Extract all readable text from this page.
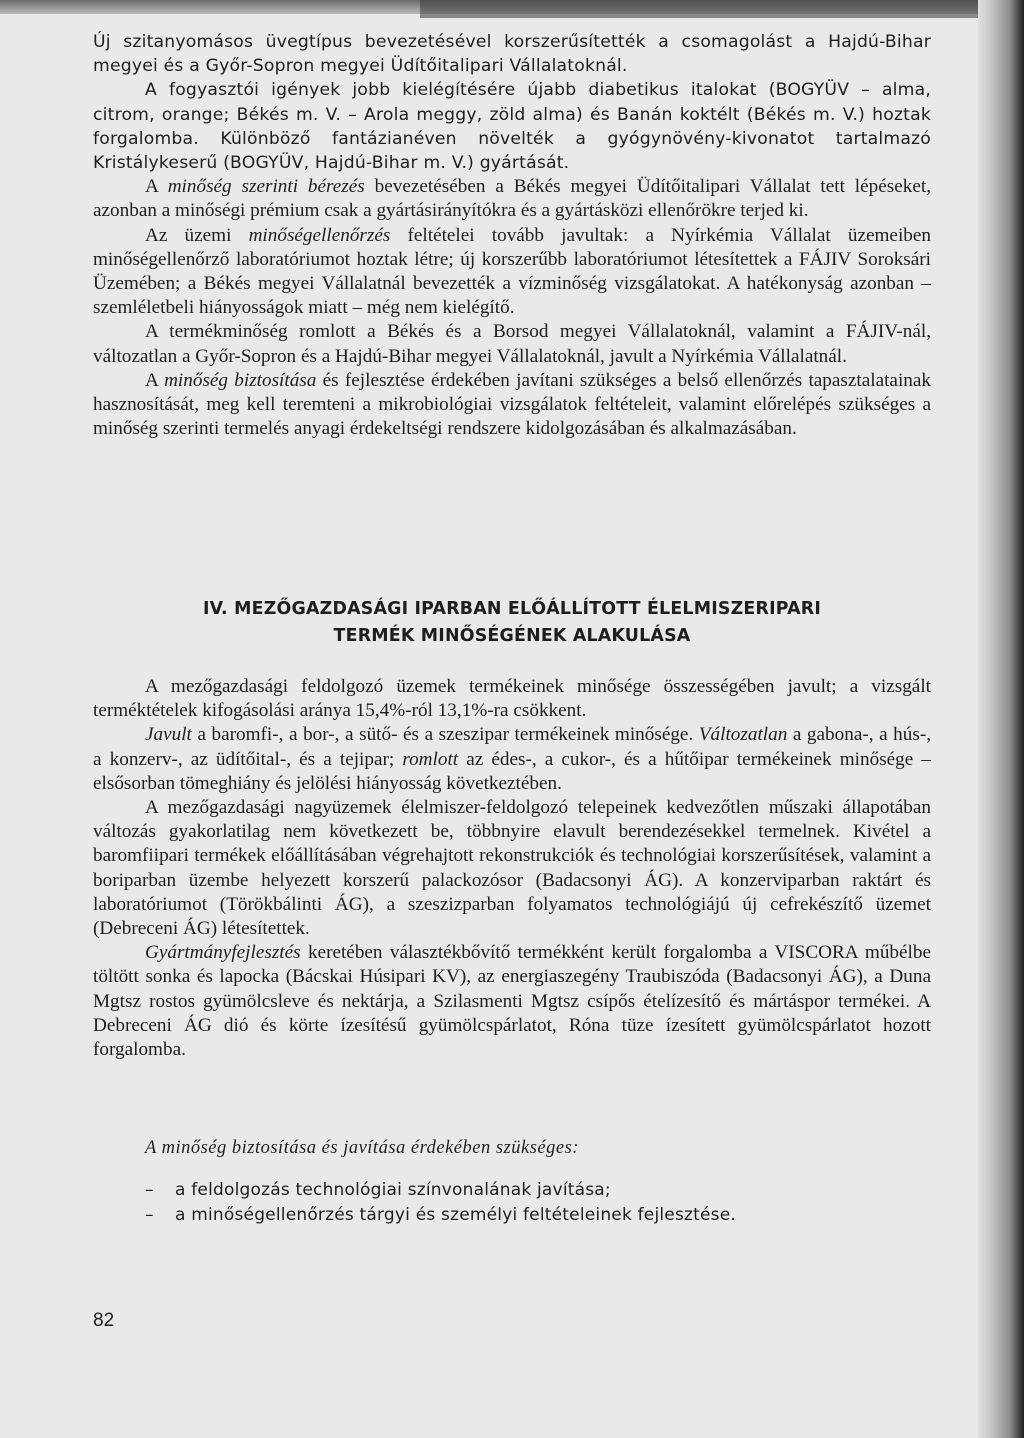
Új szitanyomásos üvegtípus bevezetésével korszerűsítették a csomagolást a Hajdú-Bihar megyei és a Győr-Sopron megyei Üdítőitalipari Vállalatoknál.

A fogyasztói igények jobb kielégítésére újabb diabetikus italokat (BOGYÜV – alma, citrom, orange; Békés m. V. – Arola meggy, zöld alma) és Banán koktélt (Békés m. V.) hoztak forgalomba. Különböző fantázianéven növelték a gyógynövény-kivonatot tartalmazó Kristálykeserű (BOGYÜV, Hajdú-Bihar m. V.) gyártását.

A minőség szerinti bérezés bevezetésében a Békés megyei Üdítőitalipari Vállalat tett lépéseket, azonban a minőségi prémium csak a gyártásirányítókra és a gyártásközi ellenőrökre terjed ki.

Az üzemi minőségellenőrzés feltételei tovább javultak: a Nyírkémia Vállalat üzemeiben minőségellenőrző laboratóriumot hoztak létre; új korszerűbb laboratóriumot létesítettek a FÁJIV Soroksári Üzemében; a Békés megyei Vállalatnál bevezették a vízminőség vizsgálatokat. A hatékonyság azonban – szemléletbeli hiányosságok miatt – még nem kielégítő.

A termékminőség romlott a Békés és a Borsod megyei Vállalatoknál, valamint a FÁJIV-nál, változatlan a Győr-Sopron és a Hajdú-Bihar megyei Vállalatoknál, javult a Nyírkémia Vállalatnál.

A minőség biztosítása és fejlesztése érdekében javítani szükséges a belső ellenőrzés tapasztalatainak hasznosítását, meg kell teremteni a mikrobiológiai vizsgálatok feltételeit, valamint előrelépés szükséges a minőség szerinti termelés anyagi érdekeltségi rendszere kidolgozásában és alkalmazásában.

IV. MEZŐGAZDASÁGI IPARBAN ELŐÁLLÍTOTT ÉLELMISZERIPARI
TERMÉK MINŐSÉGÉNEK ALAKULÁSA

A mezőgazdasági feldolgozó üzemek termékeinek minősége összességében javult; a vizsgált terméktételek kifogásolási aránya 15,4%-ról 13,1%-ra csökkent.

Javult a baromfi-, a bor-, a sütő- és a szeszipar termékeinek minősége. Változatlan a gabona-, a hús-, a konzerv-, az üdítőital-, és a tejipar; romlott az édes-, a cukor-, és a hűtőipar termékeinek minősége – elsősorban tömeghiány és jelölési hiányosság következtében.

A mezőgazdasági nagyüzemek élelmiszer-feldolgozó telepeinek kedvezőtlen műszaki állapotában változás gyakorlatilag nem következett be, többnyire elavult berendezésekkel termelnek. Kivétel a baromfiipari termékek előállításában végrehajtott rekonstrukciók és technológiai korszerűsítések, valamint a boriparban üzembe helyezett korszerű palackozósor (Badacsonyi ÁG). A konzerviparban raktárt és laboratóriumot (Törökbálinti ÁG), a szeszizparban folyamatos technológiájú új cefrekészítő üzemet (Debreceni ÁG) létesítettek.

Gyártmányfejlesztés keretében választékbővítő termékként került forgalomba a VISCORA műbélbe töltött sonka és lapocka (Bácskai Húsipari KV), az energiaszegény Traubiszóda (Badacsonyi ÁG), a Duna Mgtsz rostos gyümölcsleve és nektárja, a Szilasmenti Mgtsz csípős ételízesítő és mártáspor termékei. A Debreceni ÁG dió és körte ízesítésű gyümölcspárlatot, Róna tüze ízesített gyümölcspárlatot hozott forgalomba.

A minőség biztosítása és javítása érdekében szükséges:
– a feldolgozás technológiai színvonalának javítása;
– a minőségellenőrzés tárgyi és személyi feltételeinek fejlesztése.
82
